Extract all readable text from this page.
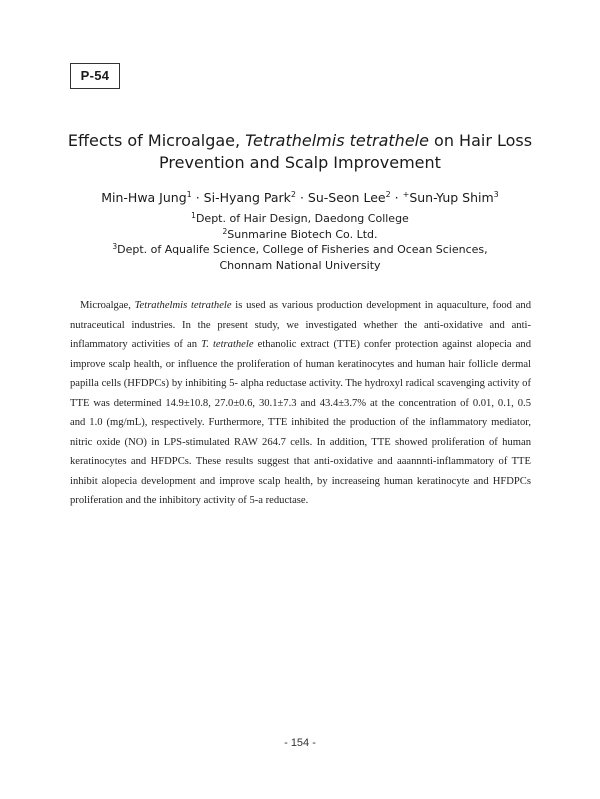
P-54
Effects of Microalgae, Tetrathelmis tetrathele on Hair Loss
Prevention and Scalp Improvement
Min-Hwa Jung$^1$ · Si-Hyang Park$^2$ · Su-Seon Lee$^2$ · +Sun-Yup Shim$^3$
$^1$Dept. of Hair Design, Daedong College
$^2$Sunmarine Biotech Co. Ltd.
$^3$Dept. of Aqualife Science, College of Fisheries and Ocean Sciences,
Chonnam National University

Microalgae, Tetrathelmis tetrathele is used as various production development in aquaculture, food and nutraceutical industries. In the present study, we investigated whether the anti-oxidative and anti-inflammatory activities of an T. tetrathele ethanolic extract (TTE) confer protection against alopecia and improve scalp health, or influence the proliferation of human keratinocytes and human hair follicle dermal papilla cells (HFDPCs) by inhibiting 5- alpha reductase activity. The hydroxyl radical scavenging activity of TTE was determined 14.9±10.8, 27.0±0.6, 30.1±7.3 and 43.4±3.7% at the concentration of 0.01, 0.1, 0.5 and 1.0 (mg/mL), respectively. Furthermore, TTE inhibited the production of the inflammatory mediator, nitric oxide (NO) in LPS-stimulated RAW 264.7 cells. In addition, TTE showed proliferation of human keratinocytes and HFDPCs. These results suggest that anti-oxidative and aaannnti-inflammatory of TTE inhibit alopecia development and improve scalp health, by increaseing human keratinocyte and HFDPCs proliferation and the inhibitory activity of 5-a reductase.

- 154 -
